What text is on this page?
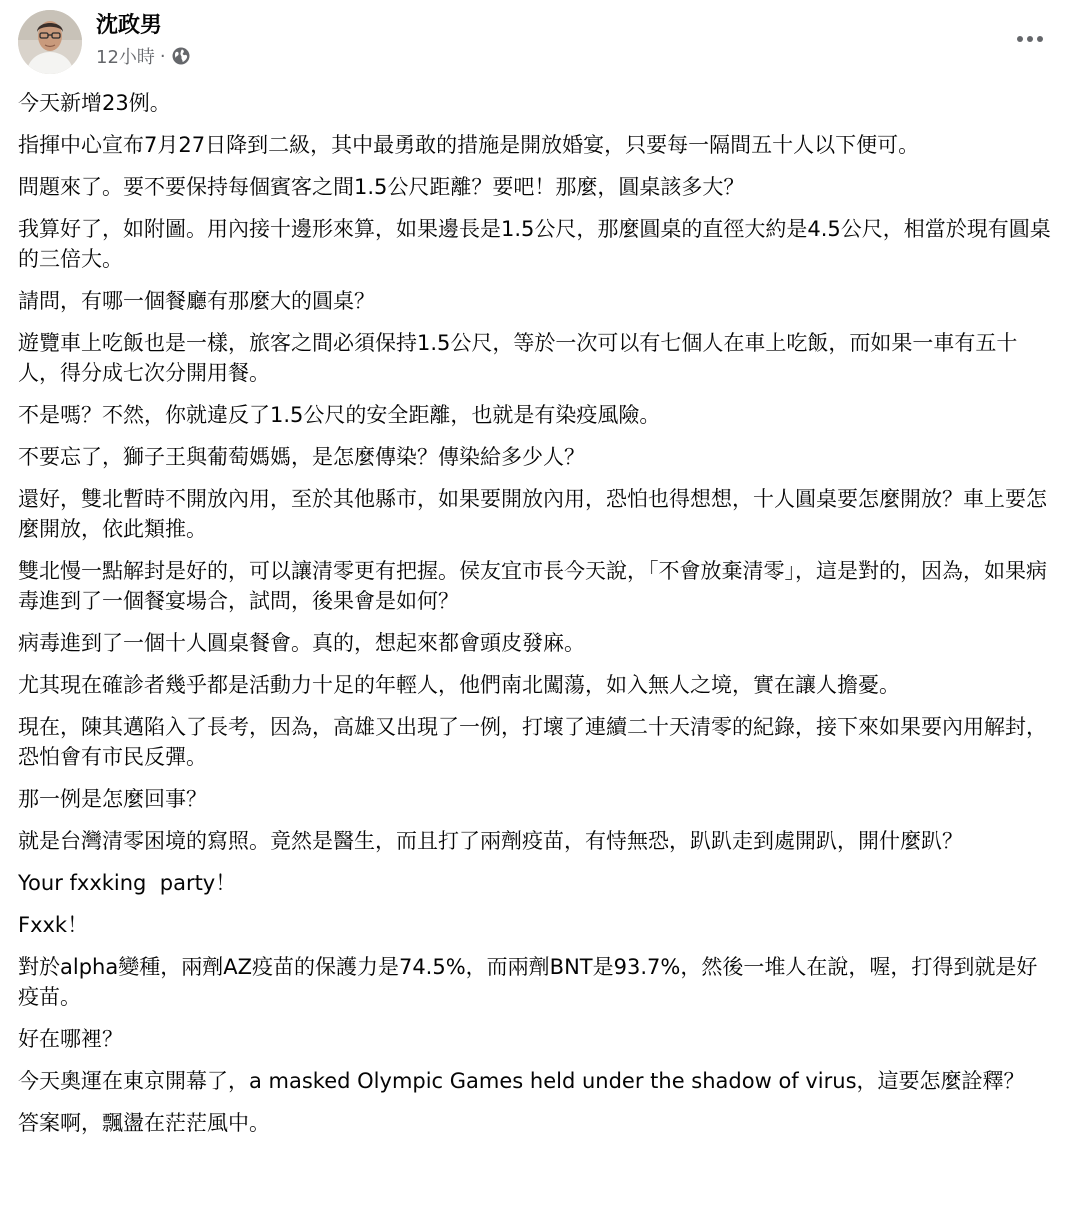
沈政男
12小時 ·

今天新增23例。

指揮中心宣布7月27日降到二級，其中最勇敢的措施是開放婚宴，只要每一隔間五十人以下便可。

問題來了。要不要保持每個賓客之間1.5公尺距離？要吧！那麼，圓桌該多大？

我算好了，如附圖。用內接十邊形來算，如果邊長是1.5公尺，那麼圓桌的直徑大約是4.5公尺，相當於現有圓桌的三倍大。

請問，有哪一個餐廳有那麼大的圓桌？

遊覽車上吃飯也是一樣，旅客之間必須保持1.5公尺，等於一次可以有七個人在車上吃飯，而如果一車有五十人，得分成七次分開用餐。

不是嗎？不然，你就違反了1.5公尺的安全距離，也就是有染疫風險。

不要忘了，獅子王與葡萄媽媽，是怎麼傳染？傳染給多少人？

還好，雙北暫時不開放內用，至於其他縣市，如果要開放內用，恐怕也得想想，十人圓桌要怎麼開放？車上要怎麼開放，依此類推。

雙北慢一點解封是好的，可以讓清零更有把握。侯友宜市長今天說，「不會放棄清零」，這是對的，因為，如果病毒進到了一個餐宴場合，試問，後果會是如何？

病毒進到了一個十人圓桌餐會。真的，想起來都會頭皮發麻。

尤其現在確診者幾乎都是活動力十足的年輕人，他們南北闖蕩，如入無人之境，實在讓人擔憂。

現在，陳其邁陷入了長考，因為，高雄又出現了一例，打壞了連續二十天清零的紀錄，接下來如果要內用解封，恐怕會有市民反彈。

那一例是怎麼回事？

就是台灣清零困境的寫照。竟然是醫生，而且打了兩劑疫苗，有恃無恐，趴趴走到處開趴，開什麼趴？

Your fxxking  party！

Fxxk！

對於alpha變種，兩劑AZ疫苗的保護力是74.5%，而兩劑BNT是93.7%，然後一堆人在說，喔，打得到就是好疫苗。

好在哪裡？

今天奧運在東京開幕了，a masked Olympic Games held under the shadow of virus，這要怎麼詮釋？

答案啊，飄盪在茫茫風中。
